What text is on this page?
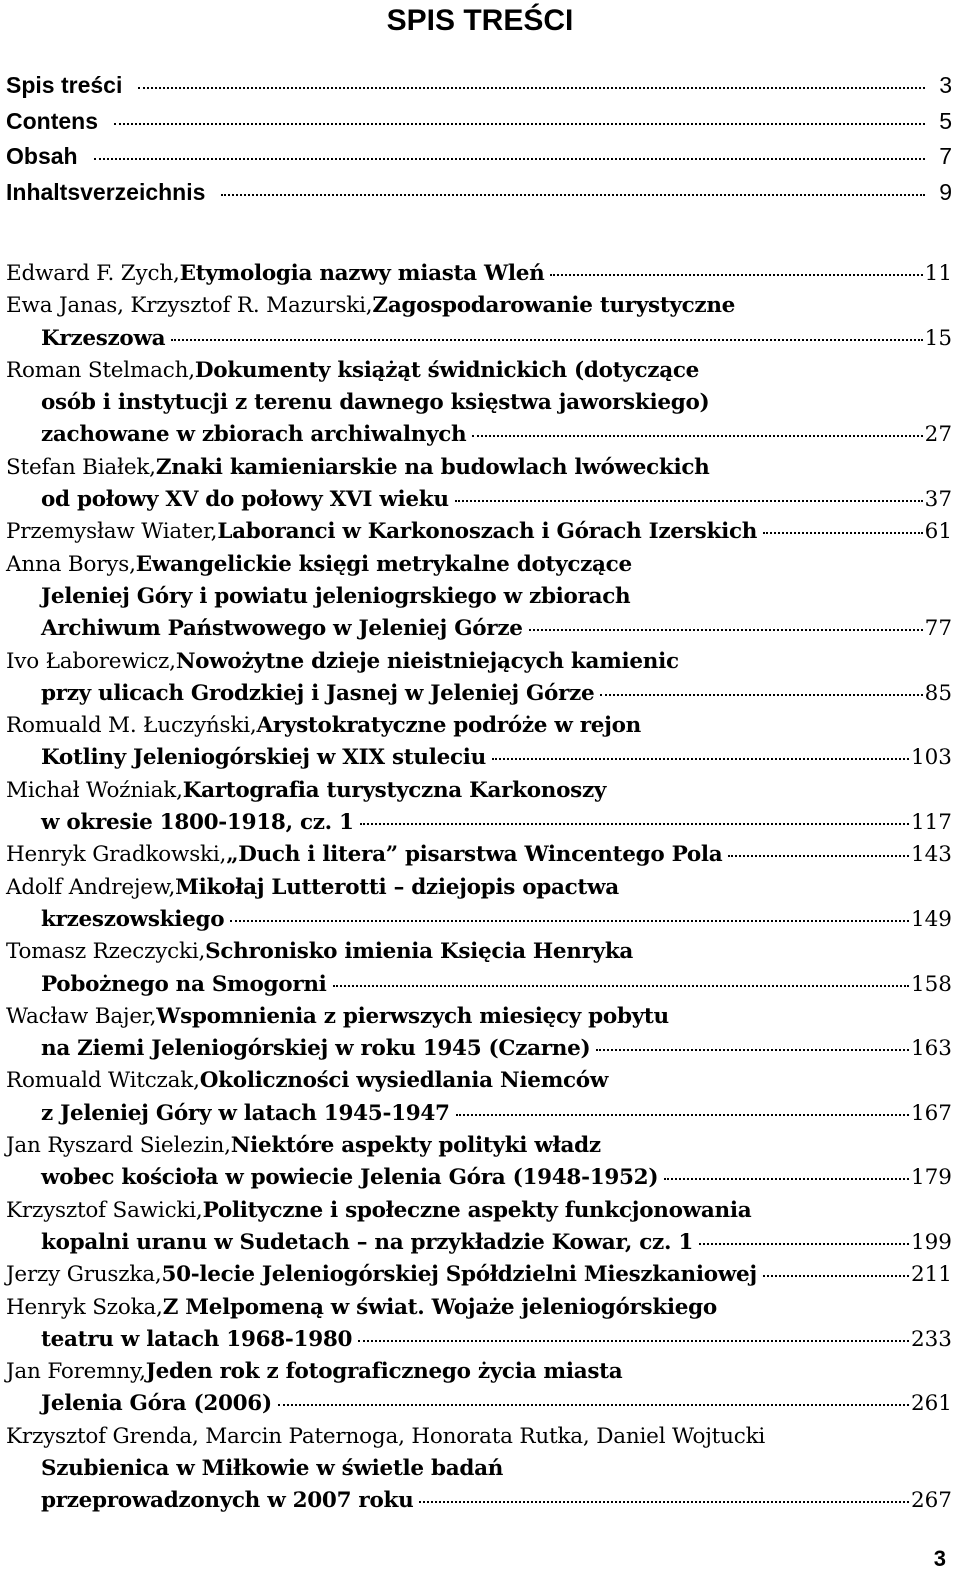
SPIS TREŚCI
Spis treści	3
Contens	5
Obsah	7
Inhaltsverzeichnis	9
Edward F. Zych, Etymologia nazwy miasta Wleń	11
Ewa Janas, Krzysztof R. Mazurski, Zagospodarowanie turystyczne
Krzeszowa	15
Roman Stelmach, Dokumenty książąt świdnickich (dotyczące
osób i instytucji z terenu dawnego księstwa jaworskiego)
zachowane w zbiorach archiwalnych	27
Stefan Białek, Znaki kamieniarskie na budowlach lwóweckich
od połowy XV do połowy XVI wieku	37
Przemysław Wiater, Laboranci w Karkonoszach i Górach Izerskich	61
Anna Borys, Ewangelickie księgi metrykalne dotyczące
Jeleniej Góry i powiatu jeleniogrskiego w zbiorach
Archiwum Państwowego w Jeleniej Górze	77
Ivo Łaborewicz, Nowożytne dzieje nieistniejących kamienic
przy ulicach Grodzkiej i Jasnej w Jeleniej Górze	85
Romuald M. Łuczyński, Arystokratyczne podróże w rejon
Kotliny Jeleniogórskiej w XIX stuleciu	103
Michał Woźniak, Kartografia turystyczna Karkonoszy
w okresie 1800-1918, cz. 1	117
Henryk Gradkowski, „Duch i litera” pisarstwa Wincentego Pola	143
Adolf Andrejew, Mikołaj Lutterotti – dziejopis opactwa
krzeszowskiego	149
Tomasz Rzeczycki, Schronisko imienia Księcia Henryka
Pobożnego na Smogorni	158
Wacław Bajer, Wspomnienia z pierwszych miesięcy pobytu
na Ziemi Jeleniogórskiej w roku 1945 (Czarne)	163
Romuald Witczak, Okoliczności wysiedlania Niemców
z Jeleniej Góry w latach 1945-1947	167
Jan Ryszard Sielezin, Niektóre aspekty polityki władz
wobec kościoła w powiecie Jelenia Góra (1948-1952)	179
Krzysztof Sawicki, Polityczne i społeczne aspekty funkcjonowania
kopalni uranu w Sudetach – na przykładzie Kowar, cz. 1	199
Jerzy Gruszka, 50-lecie Jeleniogórskiej Spółdzielni Mieszkaniowej	211
Henryk Szoka, Z Melpomeną w świat. Wojaże jeleniogórskiego
teatru w latach 1968-1980	233
Jan Foremny, Jeden rok z fotograficznego życia miasta
Jelenia Góra (2006)	261
Krzysztof Grenda, Marcin Paternoga, Honorata Rutka, Daniel Wojtucki
Szubienica w Miłkowie w świetle badań
przeprowadzonych w 2007 roku	267
3
